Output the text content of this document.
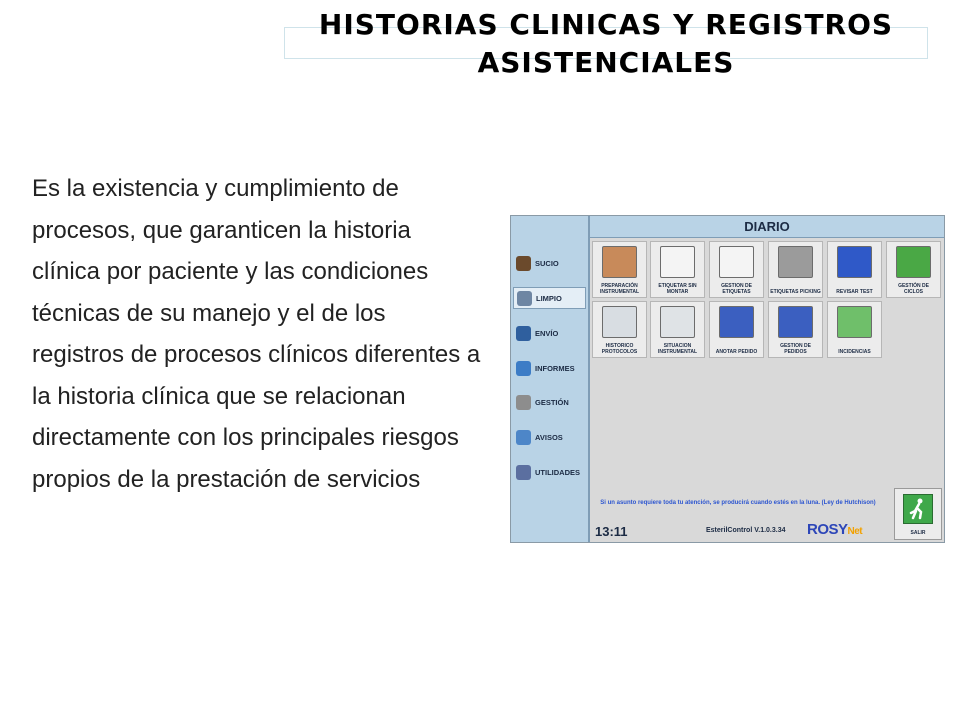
HISTORIAS CLINICAS Y REGISTROS ASISTENCIALES
Es la existencia y cumplimiento de procesos, que garanticen la historia clínica por paciente y las condiciones técnicas de su manejo y el de los registros de procesos clínicos diferentes a la historia clínica que se relacionan directamente con los principales riesgos propios de la prestación de servicios
SUCIO
LIMPIO
ENVÍO
INFORMES
GESTIÓN
AVISOS
UTILIDADES
DIARIO
PREPARACIÓN INSTRUMENTAL
ETIQUETAR SIN MONTAR
GESTION DE ETIQUETAS	ETIQUETAS PICKING	REVISAR TEST
GESTIÓN DE CICLOS
HISTORICO PROTOCOLOS
SITUACION INSTRUMENTAL	ANOTAR PEDIDO
GESTION DE PEDIDOS	INCIDENCIAS
Si un asunto requiere toda tu atención, se producirá cuando estés en la luna. (Ley de Hutchison)
13:11	EsterilControl V.1.0.3.34 ROSYNet	SALIR
